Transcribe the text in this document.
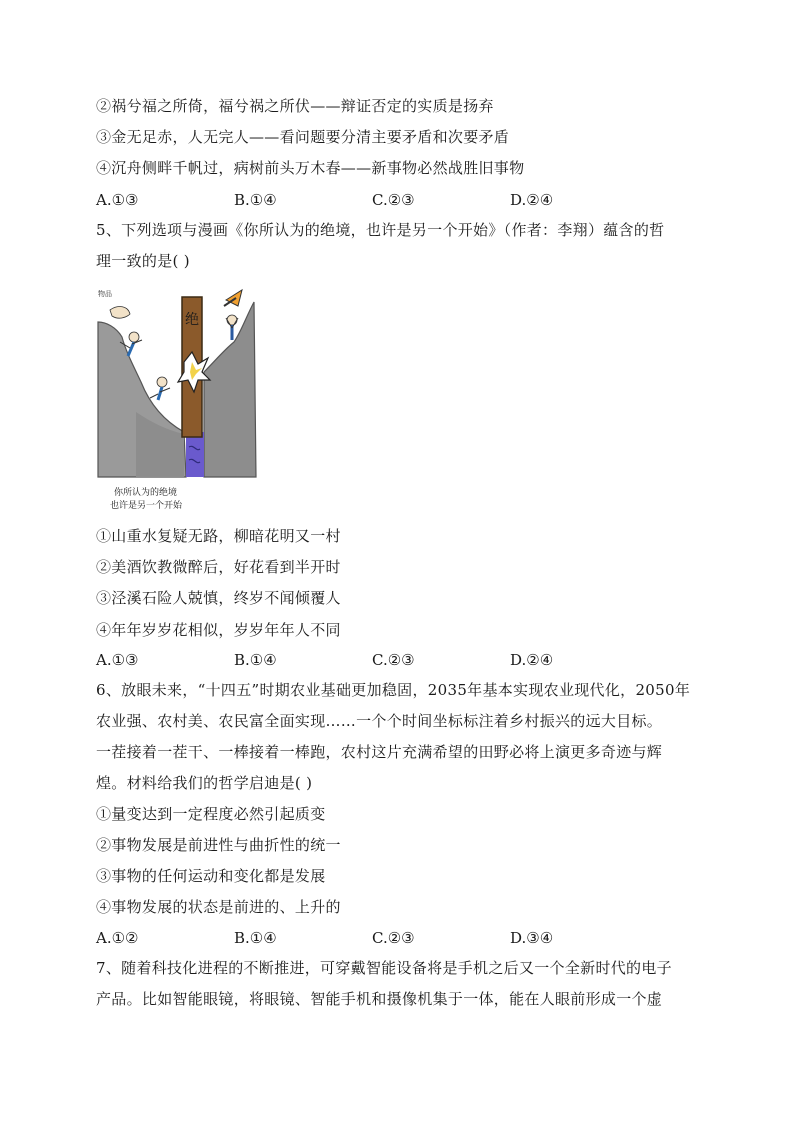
②祸兮福之所倚，福兮祸之所伏——辩证否定的实质是扬弃
③金无足赤，人无完人——看问题要分清主要矛盾和次要矛盾
④沉舟侧畔千帆过，病树前头万木春——新事物必然战胜旧事物
A.①③	B.①④	C.②③	D.②④
5、下列选项与漫画《你所认为的绝境，也许是另一个开始》（作者：李翔）蕴含的哲
理一致的是( )
绝
物品
你所认为的绝境
也许是另一个开始
①山重水复疑无路，柳暗花明又一村
②美酒饮教微醉后，好花看到半开时
③泾溪石险人兢慎，终岁不闻倾覆人
④年年岁岁花相似，岁岁年年人不同
A.①③	B.①④	C.②③	D.②④
6、放眼未来，“十四五”时期农业基础更加稳固，2035年基本实现农业现代化，2050年
农业强、农村美、农民富全面实现……一个个时间坐标标注着乡村振兴的远大目标。
一茬接着一茬干、一棒接着一棒跑，农村这片充满希望的田野必将上演更多奇迹与辉
煌。材料给我们的哲学启迪是( )
①量变达到一定程度必然引起质变
②事物发展是前进性与曲折性的统一
③事物的任何运动和变化都是发展
④事物发展的状态是前进的、上升的
A.①②	B.①④	C.②③	D.③④
7、随着科技化进程的不断推进，可穿戴智能设备将是手机之后又一个全新时代的电子
产品。比如智能眼镜，将眼镜、智能手机和摄像机集于一体，能在人眼前形成一个虚
